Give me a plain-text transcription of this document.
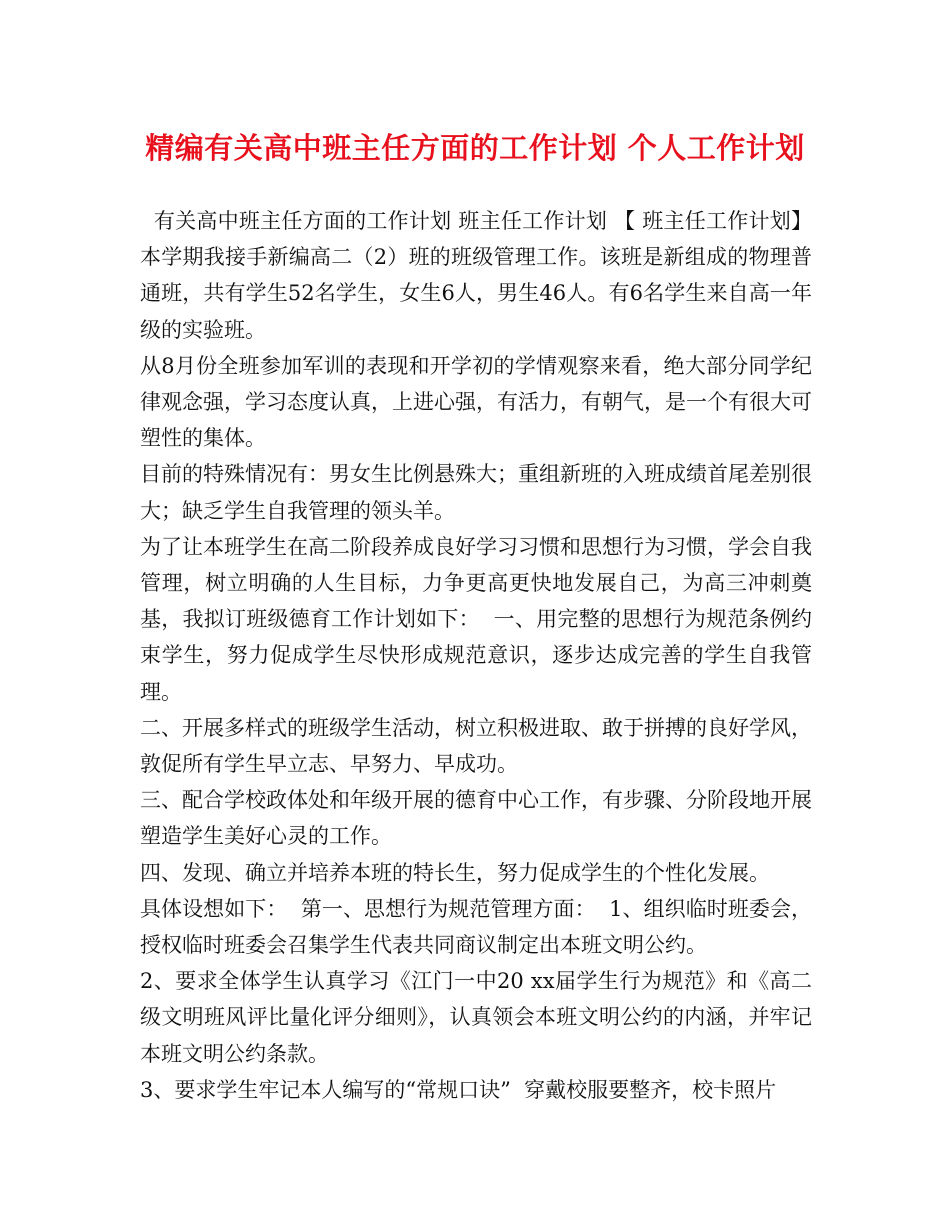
精编有关高中班主任方面的工作计划 个人工作计划

有关高中班主任方面的工作计划 班主任工作计划 【 班主任工作计划】 本学期我接手新编高二（2）班的班级管理工作。该班是新组成的物理普通班，共有学生52名学生，女生6人，男生46人。有6名学生来自高一年级的实验班。

从8月份全班参加军训的表现和开学初的学情观察来看，绝大部分同学纪律观念强，学习态度认真，上进心强，有活力，有朝气，是一个有很大可塑性的集体。

目前的特殊情况有：男女生比例悬殊大；重组新班的入班成绩首尾差别很大；缺乏学生自我管理的领头羊。

为了让本班学生在高二阶段养成良好学习习惯和思想行为习惯，学会自我管理，树立明确的人生目标，力争更高更快地发展自己，为高三冲刺奠基，我拟订班级德育工作计划如下：  一、用完整的思想行为规范条例约束学生，努力促成学生尽快形成规范意识，逐步达成完善的学生自我管理。

二、开展多样式的班级学生活动，树立积极进取、敢于拼搏的良好学风，敦促所有学生早立志、早努力、早成功。

三、配合学校政体处和年级开展的德育中心工作，有步骤、分阶段地开展塑造学生美好心灵的工作。

四、发现、确立并培养本班的特长生，努力促成学生的个性化发展。

具体设想如下：  第一、思想行为规范管理方面：  1、组织临时班委会，授权临时班委会召集学生代表共同商议制定出本班文明公约。

2、要求全体学生认真学习《江门一中20 xx届学生行为规范》和《高二级文明班风评比量化评分细则》，认真领会本班文明公约的内涵，并牢记本班文明公约条款。

3、要求学生牢记本人编写的“常规口诀”  穿戴校服要整齐，校卡照片
